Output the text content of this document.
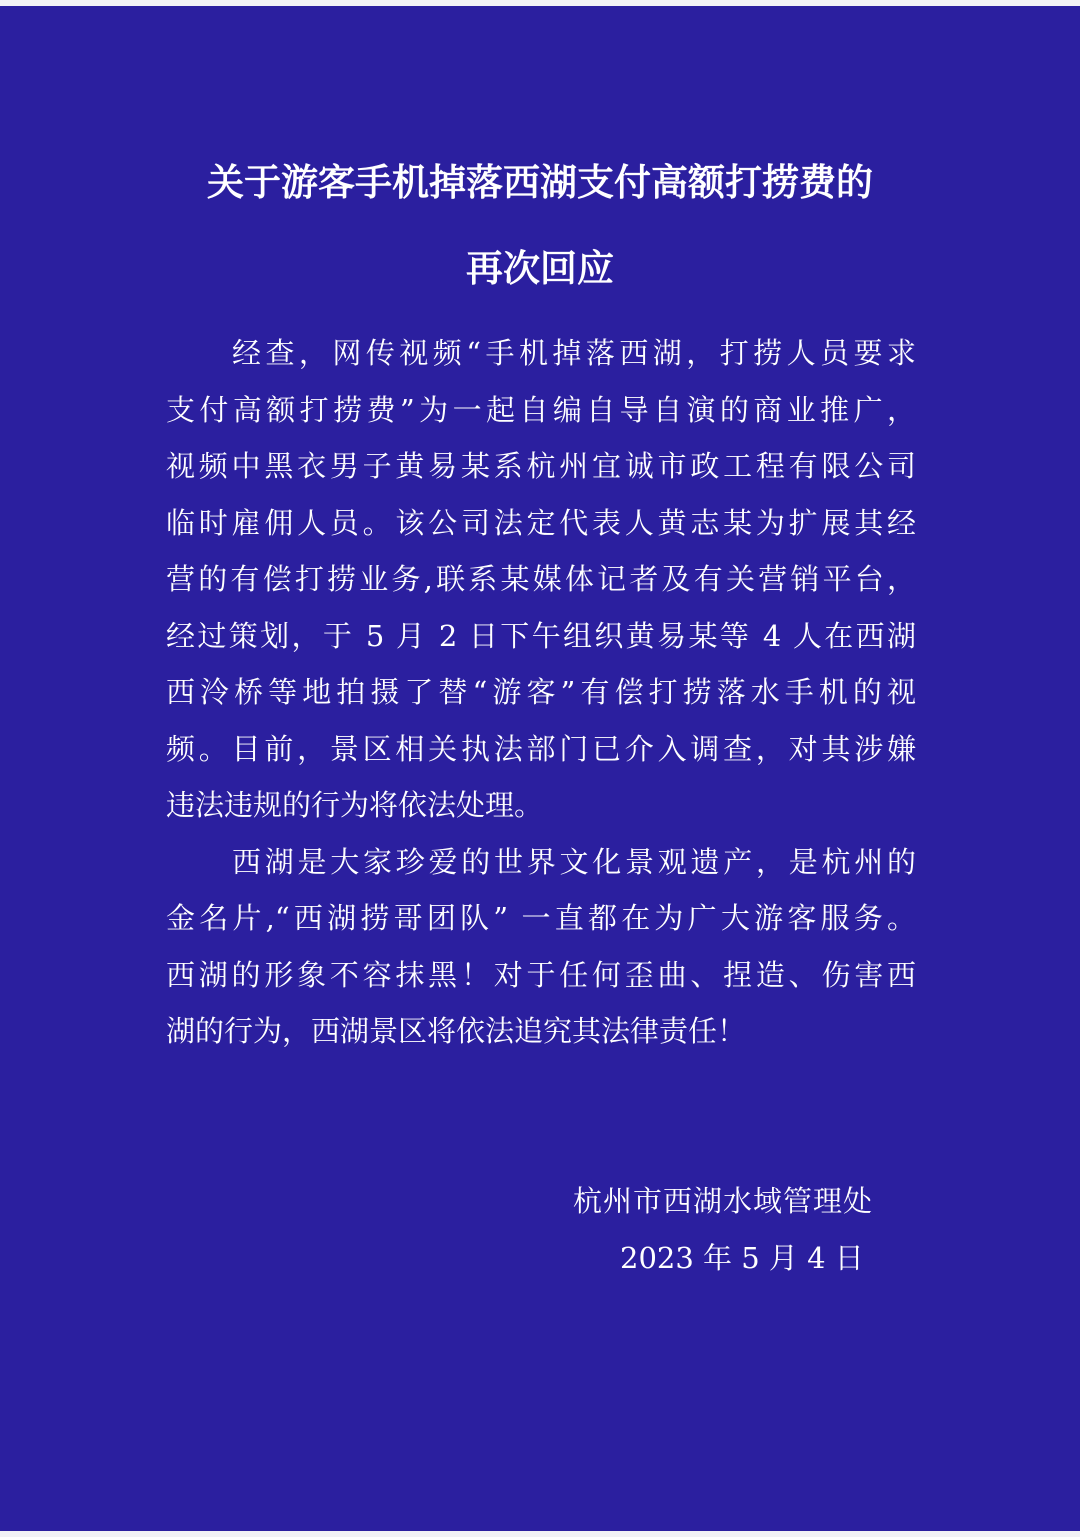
关于游客手机掉落西湖支付高额打捞费的
再次回应
经查，网传视频“手机掉落西湖，打捞人员要求
支付高额打捞费”为一起自编自导自演的商业推广，
视频中黑衣男子黄易某系杭州宜诚市政工程有限公司
临时雇佣人员。该公司法定代表人黄志某为扩展其经
营的有偿打捞业务,联系某媒体记者及有关营销平台，
经过策划，于 5 月 2 日下午组织黄易某等 4 人在西湖
西泠桥等地拍摄了替“游客”有偿打捞落水手机的视
频。目前，景区相关执法部门已介入调查，对其涉嫌
违法违规的行为将依法处理。
西湖是大家珍爱的世界文化景观遗产，是杭州的
金名片,“西湖捞哥团队” 一直都在为广大游客服务。
西湖的形象不容抹黑！对于任何歪曲、捏造、伤害西
湖的行为，西湖景区将依法追究其法律责任！
杭州市西湖水域管理处
2023 年 5 月 4 日
